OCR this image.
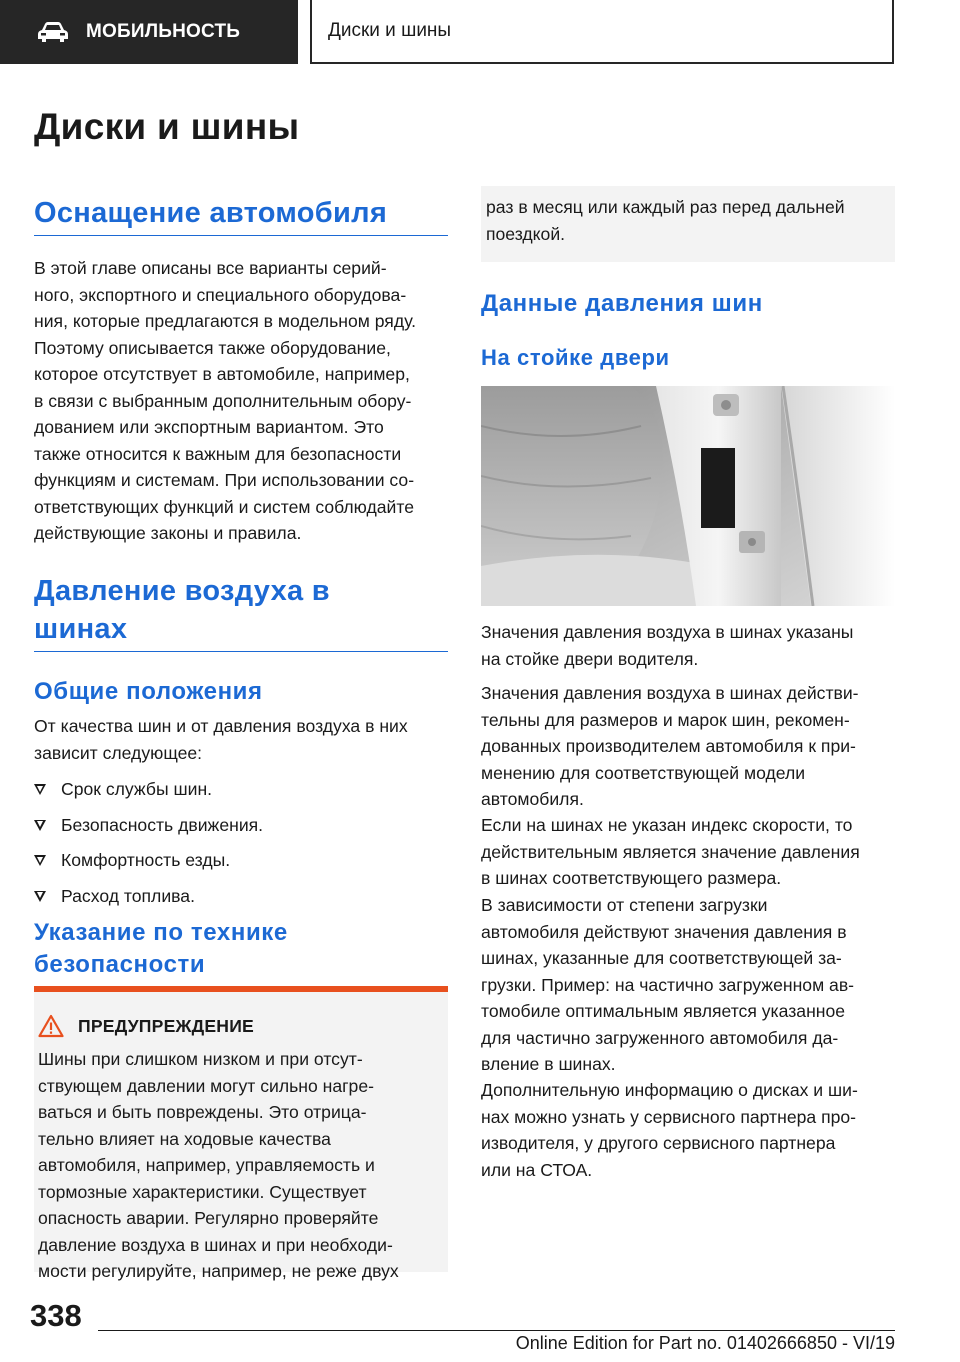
МОБИЛЬНОСТЬ	Диски и шины
Диски и шины
Оснащение автомобиля
В этой главе описаны все варианты серий-
ного, экспортного и специального оборудова-
ния, которые предлагаются в модельном ряду.
Поэтому описывается также оборудование,
которое отсутствует в автомобиле, например,
в связи с выбранным дополнительным обору-
дованием или экспортным вариантом. Это
также относится к важным для безопасности
функциям и системам. При использовании со-
ответствующих функций и систем соблюдайте
действующие законы и правила.
Давление воздуха в
шинах
Общие положения
От качества шин и от давления воздуха в них
зависит следующее:
Срок службы шин.
Безопасность движения.
Комфортность езды.
Расход топлива.
Указание по технике
безопасности
ПРЕДУПРЕЖДЕНИЕ
Шины при слишком низком и при отсут-
ствующем давлении могут сильно нагре-
ваться и быть повреждены. Это отрица-
тельно влияет на ходовые качества
автомобиля, например, управляемость и
тормозные характеристики. Существует
опасность аварии. Регулярно проверяйте
давление воздуха в шинах и при необходи-
мости регулируйте, например, не реже двух
раз в месяц или каждый раз перед дальней
поездкой.
Данные давления шин
На стойке двери
Значения давления воздуха в шинах указаны
на стойке двери водителя.
Значения давления воздуха в шинах действи-
тельны для размеров и марок шин, рекомен-
дованных производителем автомобиля к при-
менению для соответствующей модели
автомобиля.
Если на шинах не указан индекс скорости, то
действительным является значение давления
в шинах соответствующего размера.
В зависимости от степени загрузки
автомобиля действуют значения давления в
шинах, указанные для соответствующей за-
грузки. Пример: на частично загруженном ав-
томобиле оптимальным является указанное
для частично загруженного автомобиля да-
вление в шинах.
Дополнительную информацию о дисках и ши-
нах можно узнать у сервисного партнера про-
изводителя, у другого сервисного партнера
или на СТОА.
338
Online Edition for Part no. 01402666850 - VI/19
